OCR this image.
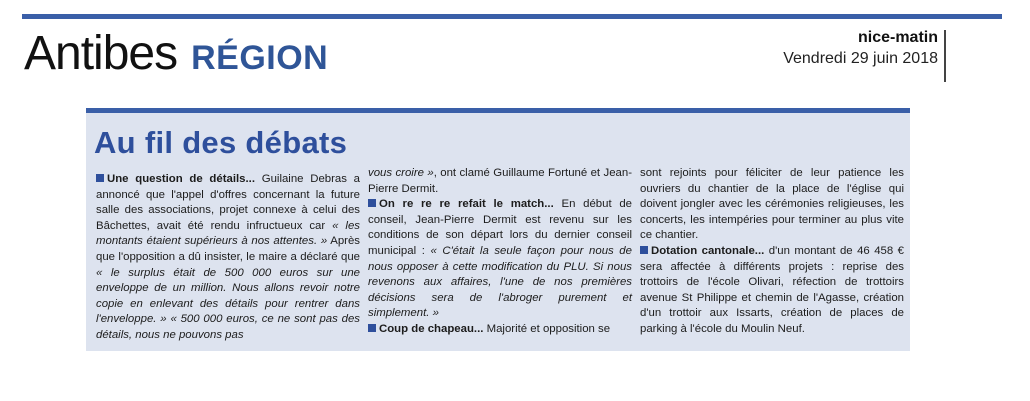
Antibes RÉGION
nice-matin
Vendredi 29 juin 2018
Au fil des débats

Une question de détails... Guilaine Debras a annoncé que l'appel d'offres concernant la future salle des associations, projet connexe à celui des Bâchettes, avait été rendu infructueux car « les montants étaient supérieurs à nos attentes. » Après que l'opposition a dû insister, le maire a déclaré que « le surplus était de 500 000 euros sur une enveloppe de un million. Nous allons revoir notre copie en enlevant des détails pour rentrer dans l'enveloppe. » « 500 000 euros, ce ne sont pas des détails, nous ne pouvons pas

vous croire », ont clamé Guillaume Fortuné et Jean-Pierre Dermit.

On re re re refait le match... En début de conseil, Jean-Pierre Dermit est revenu sur les conditions de son départ lors du dernier conseil municipal : « C'était la seule façon pour nous de nous opposer à cette modification du PLU. Si nous revenons aux affaires, l'une de nos premières décisions sera de l'abroger purement et simplement. »

Coup de chapeau... Majorité et opposition se

sont rejoints pour féliciter de leur patience les ouvriers du chantier de la place de l'église qui doivent jongler avec les cérémonies religieuses, les concerts, les intempéries pour terminer au plus vite ce chantier.

Dotation cantonale... d'un montant de 46 458 € sera affectée à différents projets : reprise des trottoirs de l'école Olivari, réfection de trottoirs avenue St Philippe et chemin de l'Agasse, création d'un trottoir aux Issarts, création de places de parking à l'école du Moulin Neuf.
